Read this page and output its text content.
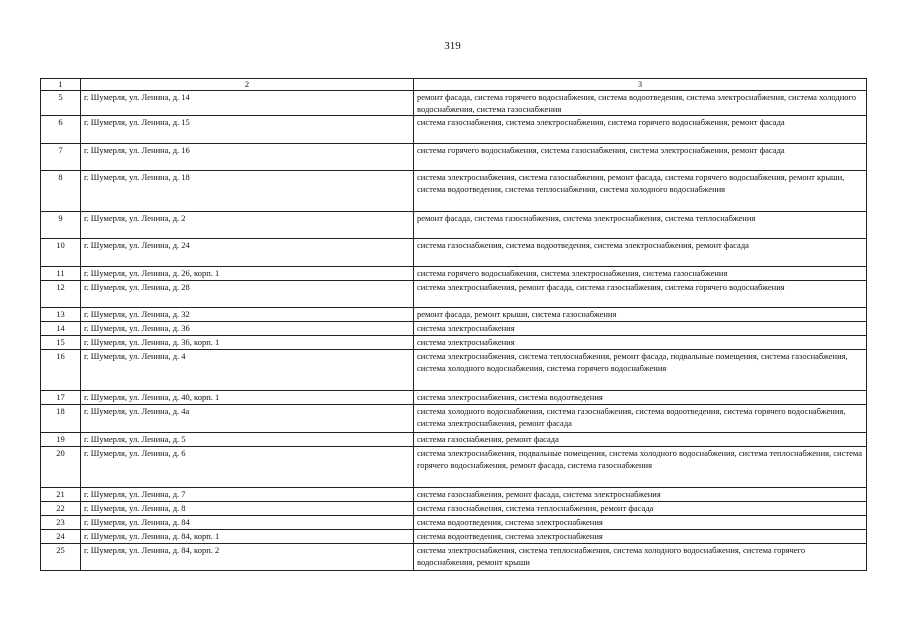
319
1	2	3
5	г. Шумерля, ул. Ленина, д. 14	ремонт фасада, система горячего водоснабжения, система водоотведения, система электроснабжения, система холодного водоснабжения, система газоснабжения
6	г. Шумерля, ул. Ленина, д. 15	система газоснабжения, система электроснабжения, система горячего водоснабжения, ремонт фасада
7	г. Шумерля, ул. Ленина, д. 16	система горячего водоснабжения, система газоснабжения, система электроснабжения, ремонт фасада
8	г. Шумерля, ул. Ленина, д. 18	система электроснабжения, система газоснабжения, ремонт фасада, система горячего водоснабжения, ремонт крыши, система водоотведения, система теплоснабжения, система холодного водоснабжения
9	г. Шумерля, ул. Ленина, д. 2	ремонт фасада, система газоснабжения, система электроснабжения, система теплоснабжения
10	г. Шумерля, ул. Ленина, д. 24	система газоснабжения, система водоотведения, система электроснабжения, ремонт фасада
11	г. Шумерля, ул. Ленина, д. 26, корп. 1	система горячего водоснабжения, система электроснабжения, система газоснабжения
12	г. Шумерля, ул. Ленина, д. 28	система электроснабжения, ремонт фасада, система газоснабжения, система горячего водоснабжения
13	г. Шумерля, ул. Ленина, д. 32	ремонт фасада, ремонт крыши, система газоснабжения
14	г. Шумерля, ул. Ленина, д. 36	система электроснабжения
15	г. Шумерля, ул. Ленина, д. 36, корп. 1	система электроснабжения
16	г. Шумерля, ул. Ленина, д. 4	система электроснабжения, система теплоснабжения, ремонт фасада, подвальные помещения, система газоснабжения, система холодного водоснабжения, система горячего водоснабжения
17	г. Шумерля, ул. Ленина, д. 40, корп. 1	система электроснабжения, система водоотведения
18	г. Шумерля, ул. Ленина, д. 4а	система холодного водоснабжения, система газоснабжения, система водоотведения, система горячего водоснабжения, система электроснабжения, ремонт фасада
19	г. Шумерля, ул. Ленина, д. 5	система газоснабжения, ремонт фасада
20	г. Шумерля, ул. Ленина, д. 6	система электроснабжения, подвальные помещения, система холодного водоснабжения, система теплоснабжения, система горячего водоснабжения, ремонт фасада, система газоснабжения
21	г. Шумерля, ул. Ленина, д. 7	система газоснабжения, ремонт фасада, система электроснабжения
22	г. Шумерля, ул. Ленина, д. 8	система газоснабжения, система теплоснабжения, ремонт фасада
23	г. Шумерля, ул. Ленина, д. 84	система водоотведения, система электроснабжения
24	г. Шумерля, ул. Ленина, д. 84, корп. 1	система водоотведения, система электроснабжения
25	г. Шумерля, ул. Ленина, д. 84, корп. 2	система электроснабжения, система теплоснабжения, система холодного водоснабжения, система горячего водоснабжения, ремонт крыши
